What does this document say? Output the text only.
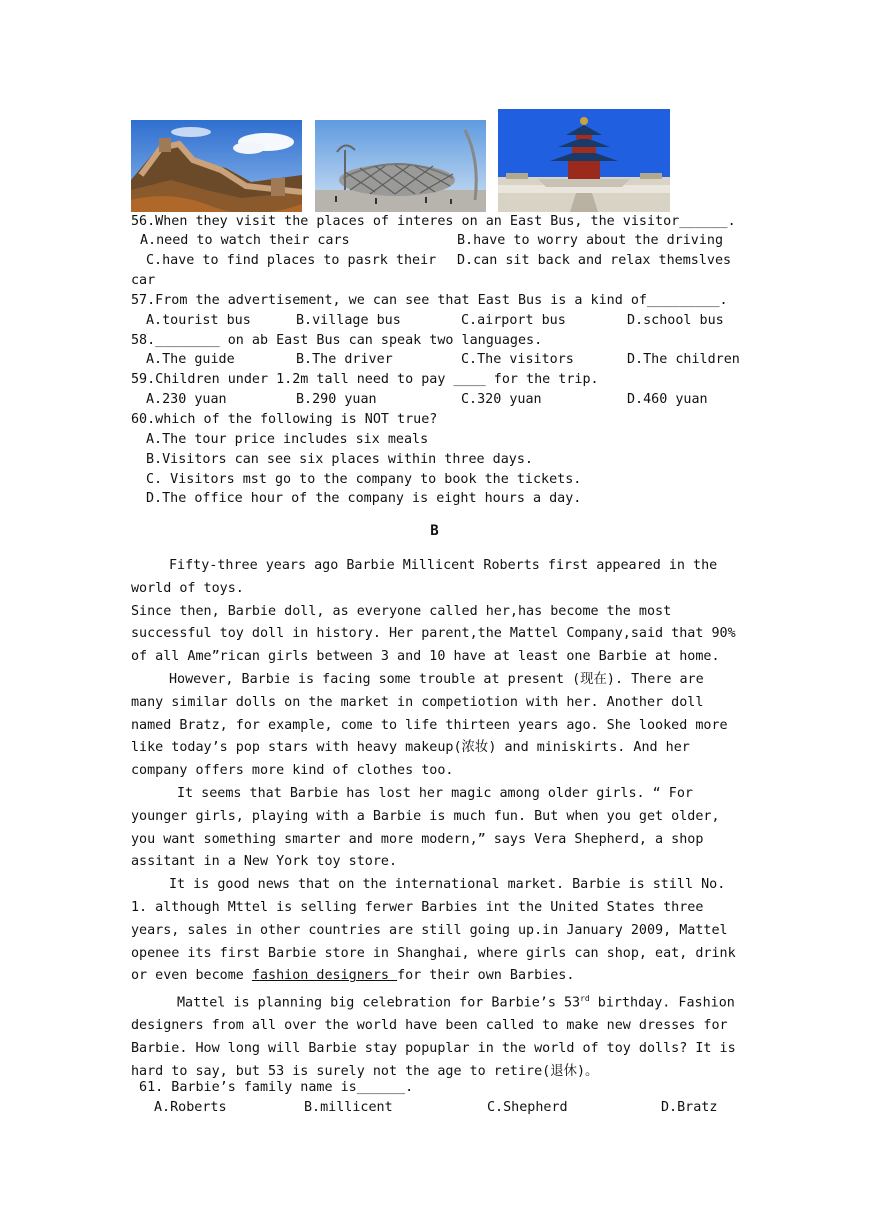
56.When they visit the places of interes on an East Bus, the visitor______.
A.need to watch their cars	B.have to worry about the driving
C.have to find places to pasrk their D.can sit back and relax themslves
car
57.From the advertisement, we can see that East Bus is a kind of_________.
A.tourist bus	B.village bus	C.airport bus	D.school bus
58.________ on ab East Bus can speak two languages.
A.The guide	B.The driver	C.The visitors	D.The children
59.Children under 1.2m tall need to pay ____ for the trip.
A.230 yuan	B.290 yuan	C.320 yuan	D.460 yuan
60.which of the following is NOT true?
A.The tour price includes six meals
B.Visitors can see six places within three days.
C. Visitors mst go to the company to book the tickets.
D.The office hour of the company is eight hours a day.
B

Fifty-three years ago Barbie Millicent Roberts first appeared in the world of toys.

Since then, Barbie doll, as everyone called her,has become the most successful toy doll in history. Her parent,the Mattel Company,said that 90% of all Ame”rican girls between 3 and 10 have at least one Barbie at home.

However, Barbie is facing some trouble at present (现在). There are many similar dolls on the market in competiotion with her. Another doll named Bratz, for example, come to life thirteen years ago. She looked more like today’s pop stars with heavy makeup(浓妆) and miniskirts. And her company offers more kind of clothes too.

It seems that Barbie has lost her magic among older girls. “ For younger girls, playing with a Barbie is much fun. But when you get older, you want something smarter and more modern,” says Vera Shepherd, a shop assitant in a New York toy store.

It is good news that on the international market. Barbie is still No. 1. although Mttel is selling ferwer Barbies int the United States three years, sales in other countries are still going up.in January 2009, Mattel openee its first Barbie store in Shanghai, where girls can shop, eat, drink or even become fashion designers for their own Barbies.

Mattel is planning big celebration for Barbie’s 53rd birthday. Fashion designers from all over the world have been called to make new dresses for Barbie. How long will Barbie stay popuplar in the world of toy dolls? It is hard to say, but 53 is surely not the age to retire(退休)。

61. Barbie’s family name is______.
A.Roberts	B.millicent	C.Shepherd	D.Bratz
